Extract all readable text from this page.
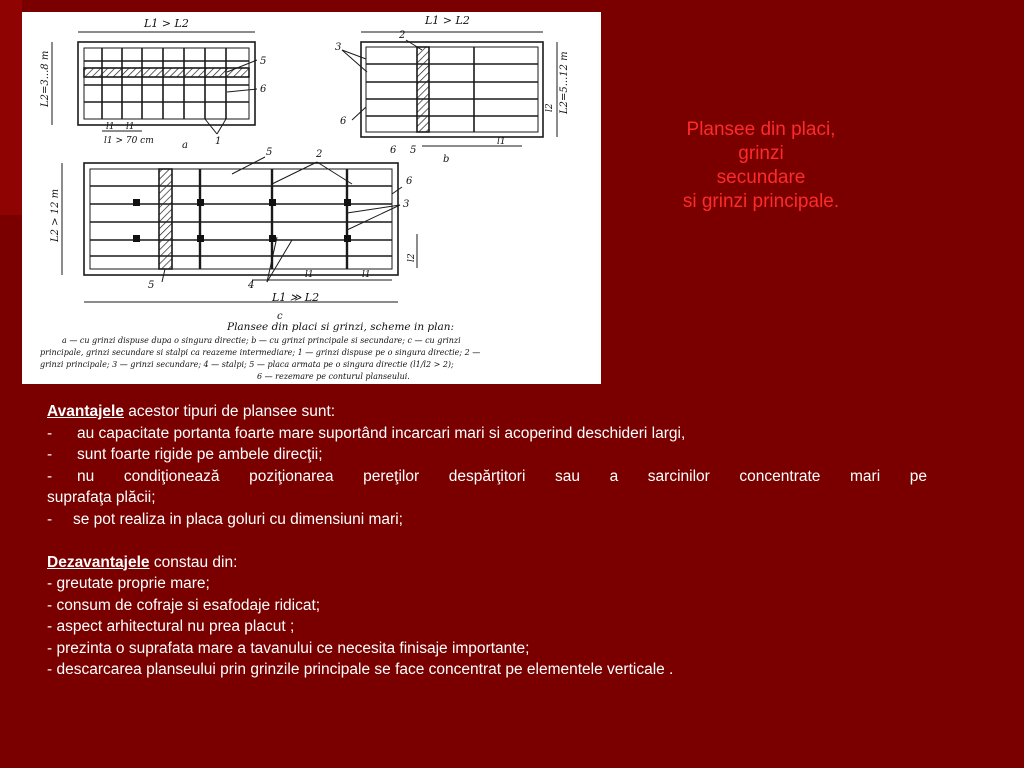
L1 > L2
L2=3...8 m
l1 l1
l1 > 70 cm	a
5
6
1
L1 > L2
L2=5...12 m
b
3
2
6
6 5
l1
l2
L1 ≫ L2
L2 > 12 m
c
5	2
6
3
5	4
l1	l1
l2
Plansee din placi si grinzi, scheme in plan:
a — cu grinzi dispuse dupa o singura directie; b — cu grinzi principale si secundare; c — cu grinzi
principale, grinzi secundare si stalpi ca reazeme intermediare; 1 — grinzi dispuse pe o singura directie; 2 —
grinzi principale; 3 — grinzi secundare; 4 — stalpi; 5 — placa armata pe o singura directie (l1/l2 > 2);
6 — rezemare pe conturul planseului.
Plansee din placi,
grinzi
secundare
si grinzi principale.
Avantajele acestor tipuri de plansee sunt:
- au capacitate portanta foarte mare suportând incarcari mari si acoperind deschideri largi,
- sunt foarte rigide pe ambele direcţii;
- nu condiţionează poziţionarea pereţilor despărţitori sau a sarcinilor concentrate mari pe
suprafaţa plăcii;
- se pot realiza in placa goluri cu dimensiuni mari;
Dezavantajele constau din:
- greutate proprie mare;
- consum de cofraje si esafodaje ridicat;
- aspect arhitectural nu prea placut ;
- prezinta o suprafata mare a tavanului ce necesita finisaje importante;
- descarcarea planseului prin grinzile principale se face concentrat pe elementele verticale .
